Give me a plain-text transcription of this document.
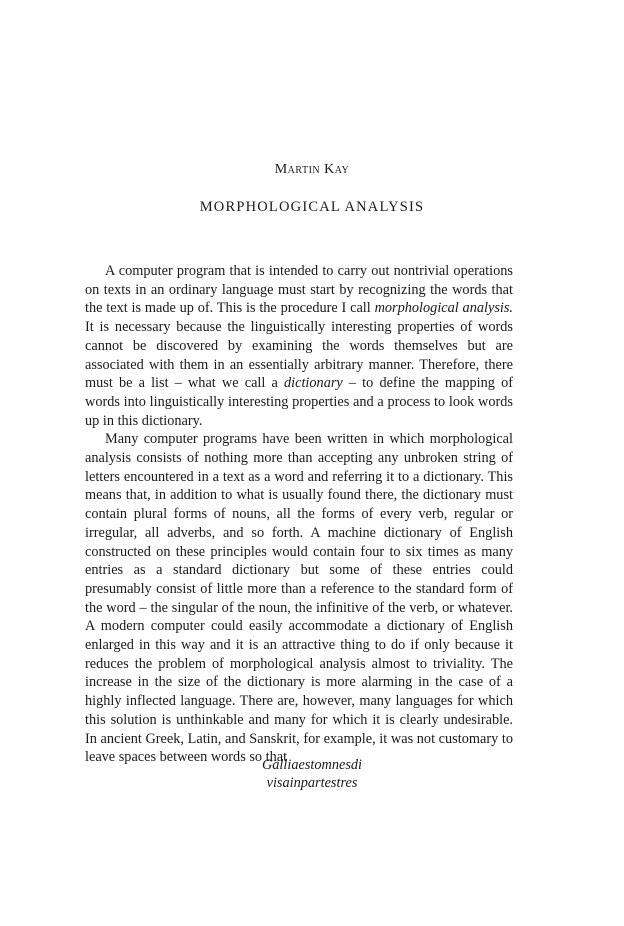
Martin Kay
MORPHOLOGICAL ANALYSIS

A computer program that is intended to carry out nontrivial operations on texts in an ordinary language must start by recognizing the words that the text is made up of. This is the procedure I call morphological analysis. It is necessary because the linguistically interesting properties of words cannot be discovered by examining the words themselves but are associated with them in an essentially arbitrary manner. Therefore, there must be a list – what we call a dictionary – to define the mapping of words into linguistically interesting properties and a process to look words up in this dictionary.

Many computer programs have been written in which morphological analysis consists of nothing more than accepting any unbroken string of letters encountered in a text as a word and referring it to a dictionary. This means that, in addition to what is usually found there, the dictionary must contain plural forms of nouns, all the forms of every verb, regular or irregular, all adverbs, and so forth. A machine dictionary of English constructed on these principles would contain four to six times as many entries as a standard dictionary but some of these entries could presumably consist of little more than a reference to the standard form of the word – the singular of the noun, the infinitive of the verb, or whatever. A modern computer could easily accommodate a dictionary of English enlarged in this way and it is an attractive thing to do if only because it reduces the problem of morphological analysis almost to triviality. The increase in the size of the dictionary is more alarming in the case of a highly inflected language. There are, however, many languages for which this solution is unthinkable and many for which it is clearly undesirable. In ancient Greek, Latin, and Sanskrit, for example, it was not customary to leave spaces between words so that

Galliaestomnesdi
visainpartestres
